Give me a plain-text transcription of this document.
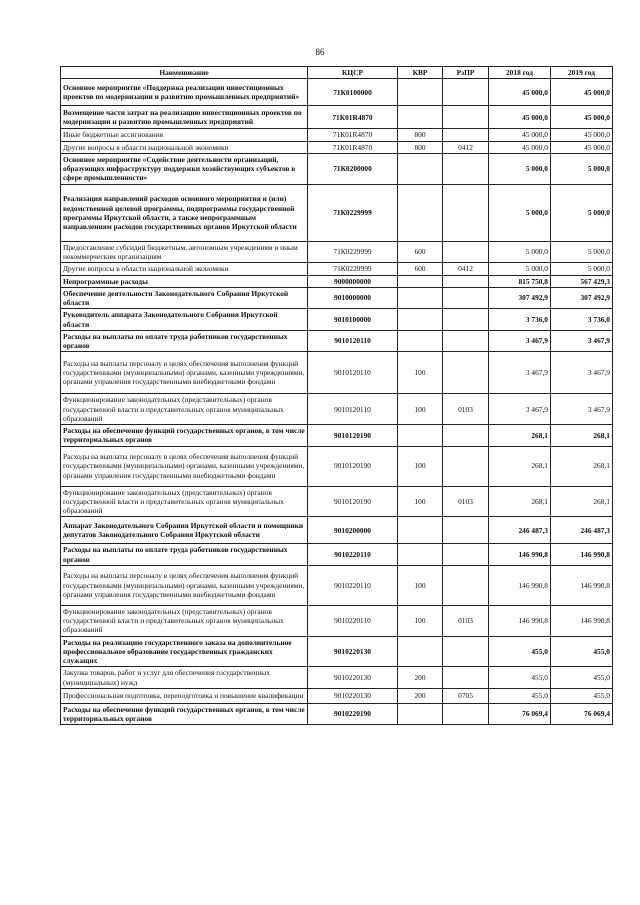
86
Наименование	КЦСР	КВР	РзПР	2018 год	2019 год
Основное мероприятие «Поддержка реализации инвестиционных проектов по модернизации и развитию промышленных предприятий»	71К0100000			45 000,0	45 000,0
Возмещение части затрат на реализацию инвестиционных проектов по модернизации и развитию промышленных предприятий	71К01R4870			45 000,0	45 000,0
Иные бюджетные ассигнования	71К01R4870	800		45 000,0	45 000,0
Другие вопросы в области национальной экономики	71К01R4870	800	0412	45 000,0	45 000,0
Основное мероприятие «Содействие деятельности организаций, образующих инфраструктуру поддержки хозяйствующих субъектов в сфере промышленности»	71К0200000			5 000,0	5 000,0
Реализация направлений расходов основного мероприятия и (или) ведомственной целевой программы, подпрограммы государственной программы Иркутской области, а также непрограммным направлениям расходов государственных органов Иркутской области	71К0229999			5 000,0	5 000,0
Предоставление субсидий бюджетным, автономным учреждениям и иным некоммерческим организациям	71К0229999	600		5 000,0	5 000,0
Другие вопросы в области национальной экономики	71К0229999	600	0412	5 000,0	5 000,0
Непрограммные расходы	9000000000			815 750,8	567 429,3
Обеспечение деятельности Законодательного Собрания Иркутской области	9010000000			307 492,9	307 492,9
Руководитель аппарата Законодательного Собрания Иркутской области	9010100000			3 736,0	3 736,0
Расходы на выплаты по оплате труда работников государственных органов	9010120110			3 467,9	3 467,9
Расходы на выплаты персоналу в целях обеспечения выполнения функций государственными (муниципальными) органами, казенными учреждениями, органами управления государственными внебюджетными фондами	9010120110	100		3 467,9	3 467,9
Функционирование законодательных (представительных) органов государственной власти и представительных органов муниципальных образований	9010120110	100	0103	3 467,9	3 467,9
Расходы на обеспечение функций государственных органов, в том числе территориальных органов	9010120190			268,1	268,1
Расходы на выплаты персоналу в целях обеспечения выполнения функций государственными (муниципальными) органами, казенными учреждениями, органами управления государственными внебюджетными фондами	9010120190	100		268,1	268,1
Функционирование законодательных (представительных) органов государственной власти и представительных органов муниципальных образований	9010120190	100	0103	268,1	268,1
Аппарат Законодательного Собрания Иркутской области и помощники депутатов Законодательного Собрания Иркутской области	9010200000			246 487,3	246 487,3
Расходы на выплаты по оплате труда работников государственных органов	9010220110			146 990,8	146 990,8
Расходы на выплаты персоналу в целях обеспечения выполнения функций государственными (муниципальными) органами, казенными учреждениями, органами управления государственными внебюджетными фондами	9010220110	100		146 990,8	146 990,8
Функционирование законодательных (представительных) органов государственной власти и представительных органов муниципальных образований	9010220110	100	0103	146 990,8	146 990,8
Расходы на реализацию государственного заказа на дополнительное профессиональное образование государственных гражданских служащих	9010220130			455,0	455,0
Закупка товаров, работ и услуг для обеспечения государственных (муниципальных) нужд	9010220130	200		455,0	455,0
Профессиональная подготовка, переподготовка и повышение квалификации	9010220130	200	0705	455,0	455,0
Расходы на обеспечение функций государственных органов, в том числе территориальных органов	9010220190			76 069,4	76 069,4
